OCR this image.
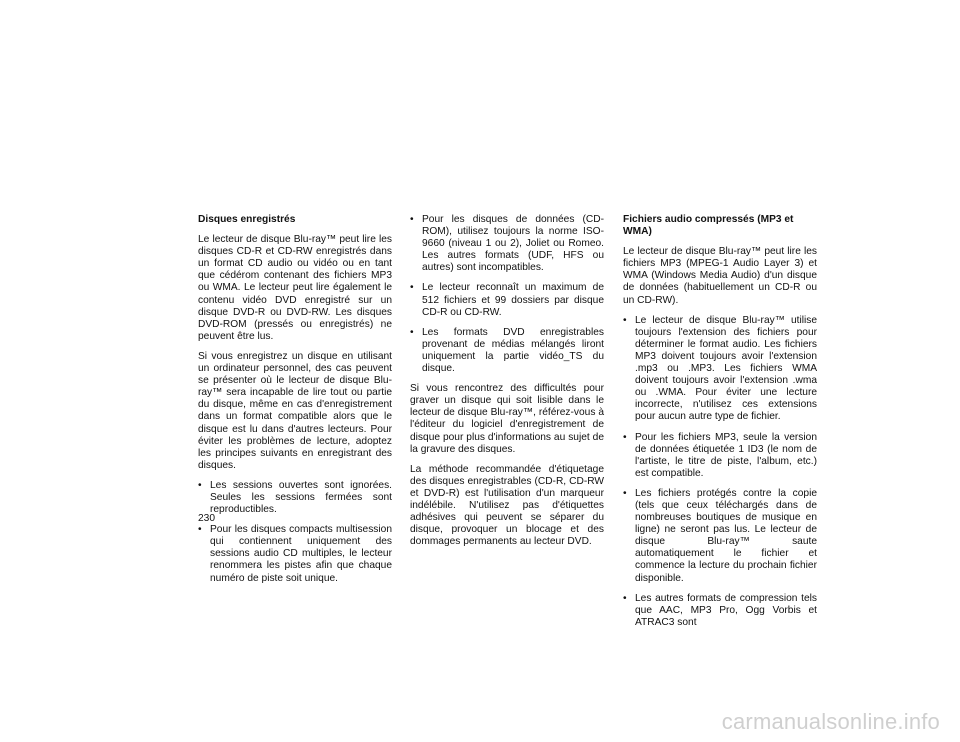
Disques enregistrés

Le lecteur de disque Blu-ray™ peut lire les disques CD-R et CD-RW enregistrés dans un format CD audio ou vidéo ou en tant que cédérom contenant des fichiers MP3 ou WMA. Le lecteur peut lire également le contenu vidéo DVD enregistré sur un disque DVD-R ou DVD-RW. Les disques DVD-ROM (pressés ou enregistrés) ne peuvent être lus.

Si vous enregistrez un disque en utilisant un ordinateur personnel, des cas peuvent se présenter où le lecteur de disque Blu-ray™ sera incapable de lire tout ou partie du disque, même en cas d'enregistrement dans un format compatible alors que le disque est lu dans d'autres lecteurs. Pour éviter les problèmes de lecture, adoptez les principes suivants en enregistrant des disques.

• Les sessions ouvertes sont ignorées. Seules les sessions fermées sont reproductibles.
• Pour les disques compacts multisession qui contiennent uniquement des sessions audio CD multiples, le lecteur renommera les pistes afin que chaque numéro de piste soit unique.
• Pour les disques de données (CD-ROM), utilisez toujours la norme ISO-9660 (niveau 1 ou 2), Joliet ou Romeo. Les autres formats (UDF, HFS ou autres) sont incompatibles.
• Le lecteur reconnaît un maximum de 512 fichiers et 99 dossiers par disque CD-R ou CD-RW.
• Les formats DVD enregistrables provenant de médias mélangés liront uniquement la partie vidéo_TS du disque.

Si vous rencontrez des difficultés pour graver un disque qui soit lisible dans le lecteur de disque Blu-ray™, référez-vous à l'éditeur du logiciel d'enregistrement de disque pour plus d'informations au sujet de la gravure des disques.

La méthode recommandée d'étiquetage des disques enregistrables (CD-R, CD-RW et DVD-R) est l'utilisation d'un marqueur indélébile. N'utilisez pas d'étiquettes adhésives qui peuvent se séparer du disque, provoquer un blocage et des dommages permanents au lecteur DVD.

Fichiers audio compressés (MP3 et WMA)

Le lecteur de disque Blu-ray™ peut lire les fichiers MP3 (MPEG-1 Audio Layer 3) et WMA (Windows Media Audio) d'un disque de données (habituellement un CD-R ou un CD-RW).

• Le lecteur de disque Blu-ray™ utilise toujours l'extension des fichiers pour déterminer le format audio. Les fichiers MP3 doivent toujours avoir l'extension .mp3 ou .MP3. Les fichiers WMA doivent toujours avoir l'extension .wma ou .WMA. Pour éviter une lecture incorrecte, n'utilisez ces extensions pour aucun autre type de fichier.
• Pour les fichiers MP3, seule la version de données étiquetée 1 ID3 (le nom de l'artiste, le titre de piste, l'album, etc.) est compatible.
• Les fichiers protégés contre la copie (tels que ceux téléchargés dans de nombreuses boutiques de musique en ligne) ne seront pas lus. Le lecteur de disque Blu-ray™ saute automatiquement le fichier et commence la lecture du prochain fichier disponible.
• Les autres formats de compression tels que AAC, MP3 Pro, Ogg Vorbis et ATRAC3 sont
230
carmanualsonline.info
